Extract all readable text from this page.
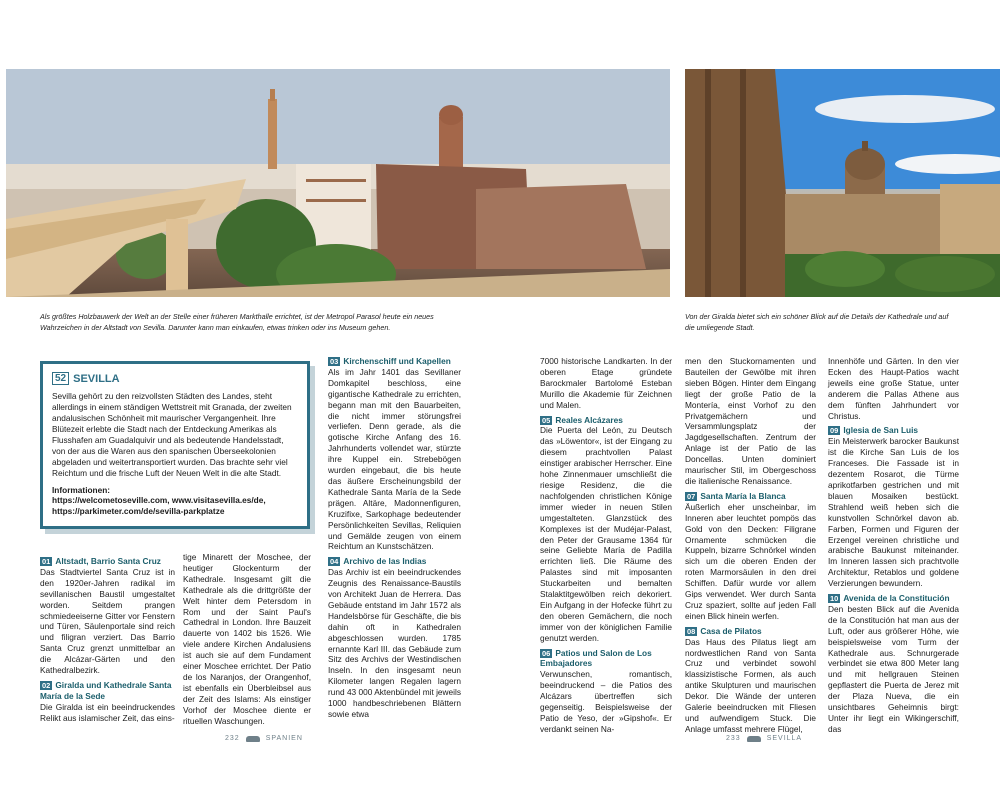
Als größtes Holzbauwerk der Welt an der Stelle einer früheren Markthalle errichtet, ist der Metropol Parasol heute ein neues Wahrzeichen in der Altstadt von Sevilla. Darunter kann man einkaufen, etwas trinken oder ins Museum gehen.

Von der Giralda bietet sich ein schöner Blick auf die Details der Kathedrale und auf die umliegende Stadt.

52 SEVILLA

Sevilla gehört zu den reizvollsten Städten des Landes, steht allerdings in einem ständigen Wettstreit mit Granada, der zweiten andalusischen Schönheit mit maurischer Vergangenheit. Ihre Blütezeit erlebte die Stadt nach der Entdeckung Amerikas als Flusshafen am Guadalquivir und als bedeutende Handelsstadt, von der aus die Waren aus den spanischen Überseekolonien abgeladen und weitertransportiert wurden. Das brachte sehr viel Reichtum und die frische Luft der Neuen Welt in die alte Stadt.

Informationen:

https://welcometoseville.com, www.visitasevilla.es/de, https://parkimeter.com/de/sevilla-parkplatze

01 Altstadt, Barrio Santa Cruz

Das Stadtviertel Santa Cruz ist in den 1920er-Jahren radikal im sevillanischen Baustil umgestaltet worden. Seitdem prangen schmiedeeiserne Gitter vor Fenstern und Türen, Säulenportale sind reich und filigran verziert. Das Barrio Santa Cruz grenzt unmittelbar an die Alcázar-Gärten und den Kathedralbezirk.

02 Giralda und Kathedrale Santa María de la Sede

Die Giralda ist ein beeindruckendes Relikt aus islamischer Zeit, das eins-

tige Minarett der Moschee, der heutiger Glockenturm der Kathedrale. Insgesamt gilt die Kathedrale als die drittgrößte der Welt hinter dem Petersdom in Rom und der Saint Paul's Cathedral in London. Ihre Bauzeit dauerte von 1402 bis 1526. Wie viele andere Kirchen Andalusiens ist auch sie auf dem Fundament einer Moschee errichtet. Der Patio de los Naranjos, der Orangenhof, ist ebenfalls ein Überbleibsel aus der Zeit des Islams: Als einstiger Vorhof der Moschee diente er rituellen Waschungen.

03 Kirchenschiff und Kapellen

Als im Jahr 1401 das Sevillaner Domkapitel beschloss, eine gigantische Kathedrale zu errichten, begann man mit den Bauarbeiten, die nicht immer störungsfrei verliefen. Denn gerade, als die gotische Kirche Anfang des 16. Jahrhunderts vollendet war, stürzte ihre Kuppel ein. Strebebögen wurden eingebaut, die bis heute das äußere Erscheinungsbild der Kathedrale Santa María de la Sede prägen. Altäre, Madonnenfiguren, Kruzifixe, Sarkophage bedeutender Persönlichkeiten Sevillas, Reliquien und Gemälde zeugen von einem Reichtum an Kunstschätzen.

04 Archivo de las Indias

Das Archiv ist ein beeindruckendes Zeugnis des Renaissance-Baustils von Architekt Juan de Herrera. Das Gebäude entstand im Jahr 1572 als Handelsbörse für Geschäfte, die bis dahin oft in Kathedralen abgeschlossen wurden. 1785 ernannte Karl III. das Gebäude zum Sitz des Archivs der Westindischen Inseln. In den insgesamt neun Kilometer langen Regalen lagern rund 43 000 Aktenbündel mit jeweils 1000 handbeschriebenen Blättern sowie etwa

7000 historische Landkarten. In der oberen Etage gründete Barockmaler Bartolomé Esteban Murillo die Akademie für Zeichnen und Malen.

05 Reales Alcázares

Die Puerta del León, zu Deutsch das »Löwentor«, ist der Eingang zu diesem prachtvollen Palast einstiger arabischer Herrscher. Eine hohe Zinnenmauer umschließt die riesige Residenz, die die nachfolgenden christlichen Könige immer wieder in neuen Stilen umgestalteten. Glanzstück des Komplexes ist der Mudéjar-Palast, den Peter der Grausame 1364 für seine Geliebte María de Padilla errichten ließ. Die Räume des Palastes sind mit imposanten Stuckarbeiten und bemalten Stalaktitgewölben reich dekoriert. Ein Aufgang in der Hofecke führt zu den oberen Gemächern, die noch immer von der königlichen Familie genutzt werden.

06 Patios und Salon de Los Embajadores

Verwunschen, romantisch, beeindruckend – die Patios des Alcázars übertreffen sich gegenseitig. Beispielsweise der Patio de Yeso, der »Gipshof«. Er verdankt seinen Na-

men den Stuckornamenten und Bauteilen der Gewölbe mit ihren sieben Bögen. Hinter dem Eingang liegt der große Patio de la Montería, einst Vorhof zu den Privatgemächern und Versammlungsplatz der Jagdgesellschaften. Zentrum der Anlage ist der Patio de las Doncellas. Unten dominiert maurischer Stil, im Obergeschoss die italienische Renaissance.

07 Santa María la Blanca

Äußerlich eher unscheinbar, im Inneren aber leuchtet pompös das Gold von den Decken: Filigrane Ornamente schmücken die Kuppeln, bizarre Schnörkel winden sich um die oberen Enden der roten Marmorsäulen in den drei Schiffen. Dafür wurde vor allem Gips verwendet. Wer durch Santa Cruz spaziert, sollte auf jeden Fall einen Blick hinein werfen.

08 Casa de Pilatos

Das Haus des Pilatus liegt am nordwestlichen Rand von Santa Cruz und verbindet sowohl klassizistische Formen, als auch antike Skulpturen und maurischen Dekor. Die Wände der unteren Galerie beeindrucken mit Fliesen und aufwendigem Stuck. Die Anlage umfasst mehrere Flügel,

Innenhöfe und Gärten. In den vier Ecken des Haupt-Patios wacht jeweils eine große Statue, unter anderem die Pallas Athene aus dem fünften Jahrhundert vor Christus.

09 Iglesia de San Luis

Ein Meisterwerk barocker Baukunst ist die Kirche San Luis de los Franceses. Die Fassade ist in dezentem Rosarot, die Türme aprikotfarben gestrichen und mit blauen Mosaiken bestückt. Strahlend weiß heben sich die kunstvollen Schnörkel davon ab. Farben, Formen und Figuren der Erzengel vereinen christliche und arabische Baukunst miteinander. Im Inneren lassen sich prachtvolle Architektur, Retablos und goldene Verzierungen bewundern.

10 Avenida de la Constitución

Den besten Blick auf die Avenida de la Constitución hat man aus der Luft, oder aus größerer Höhe, wie beispielsweise vom Turm der Kathedrale aus. Schnurgerade verbindet sie etwa 800 Meter lang und mit hellgrauen Steinen gepflastert die Puerta de Jerez mit der Plaza Nueva, die ein unsichtbares Geheimnis birgt: Unter ihr liegt ein Wikingerschiff, das

232	SPANIEN	233	SEVILLA
